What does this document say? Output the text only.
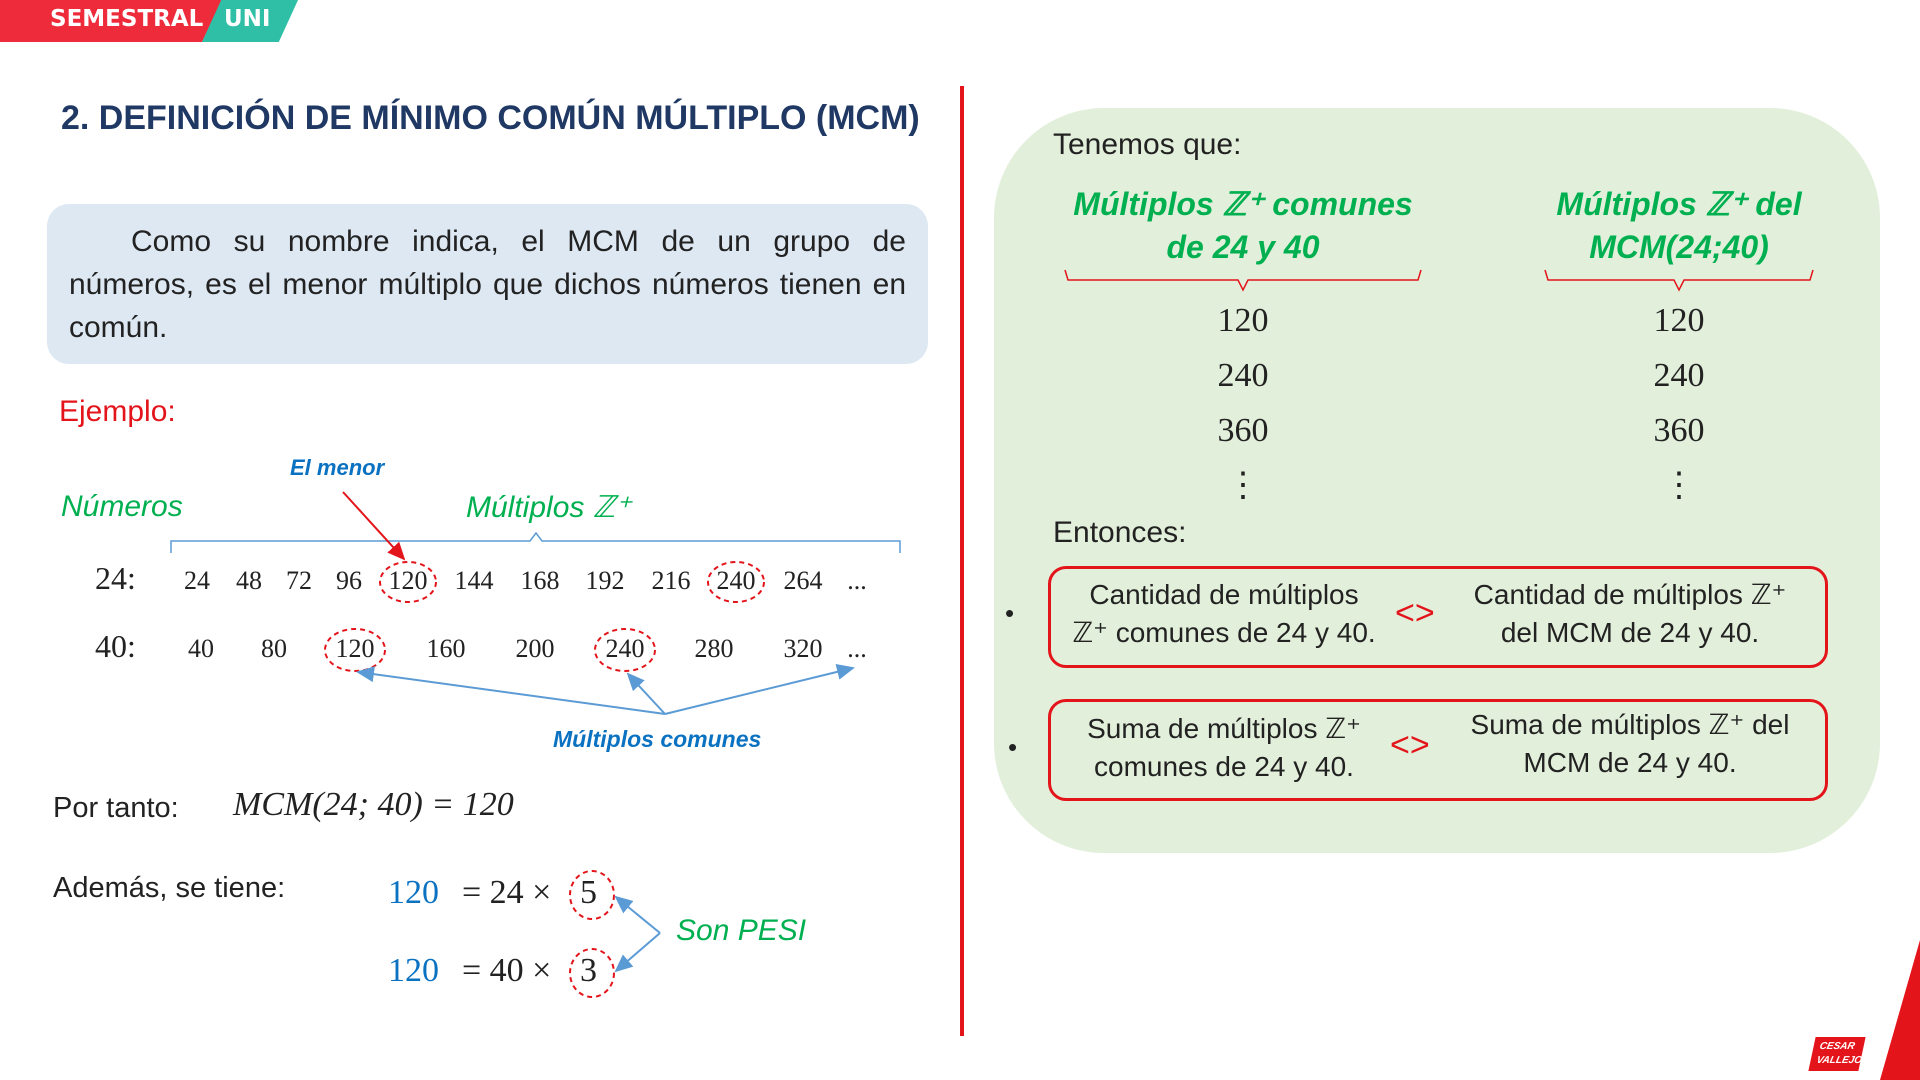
SEMESTRAL UNI
2. DEFINICIÓN DE MÍNIMO COMÚN MÚLTIPLO (MCM)
Como su nombre indica, el MCM de un grupo de números, es el menor múltiplo que dichos números tienen en común.
Ejemplo:
El menor
Números	Múltiplos ℤ⁺
24: 24 48 72 96 120 144 168 192 216 240 264 ...
40: 40 80 120 160 200 240 280 320 ...
Múltiplos comunes
Por tanto: MCM(24; 40) = 120
Además, se tiene:	120 = 24 × 5
120 = 40 × 3
Son PESI
Tenemos que:
Múltiplos ℤ⁺ comunes
de 24 y 40
Múltiplos ℤ⁺ del
MCM(24;40)
120
240
360
⋮
120
240
360
⋮
Entonces:
•
Cantidad de múltiplos
ℤ⁺ comunes de 24 y 40.
<> Cantidad de múltiplos ℤ⁺
del MCM de 24 y 40.
•
Suma de múltiplos ℤ⁺
comunes de 24 y 40.
<>
Suma de múltiplos ℤ⁺ del
MCM de 24 y 40.
CESAR VALLEJO
